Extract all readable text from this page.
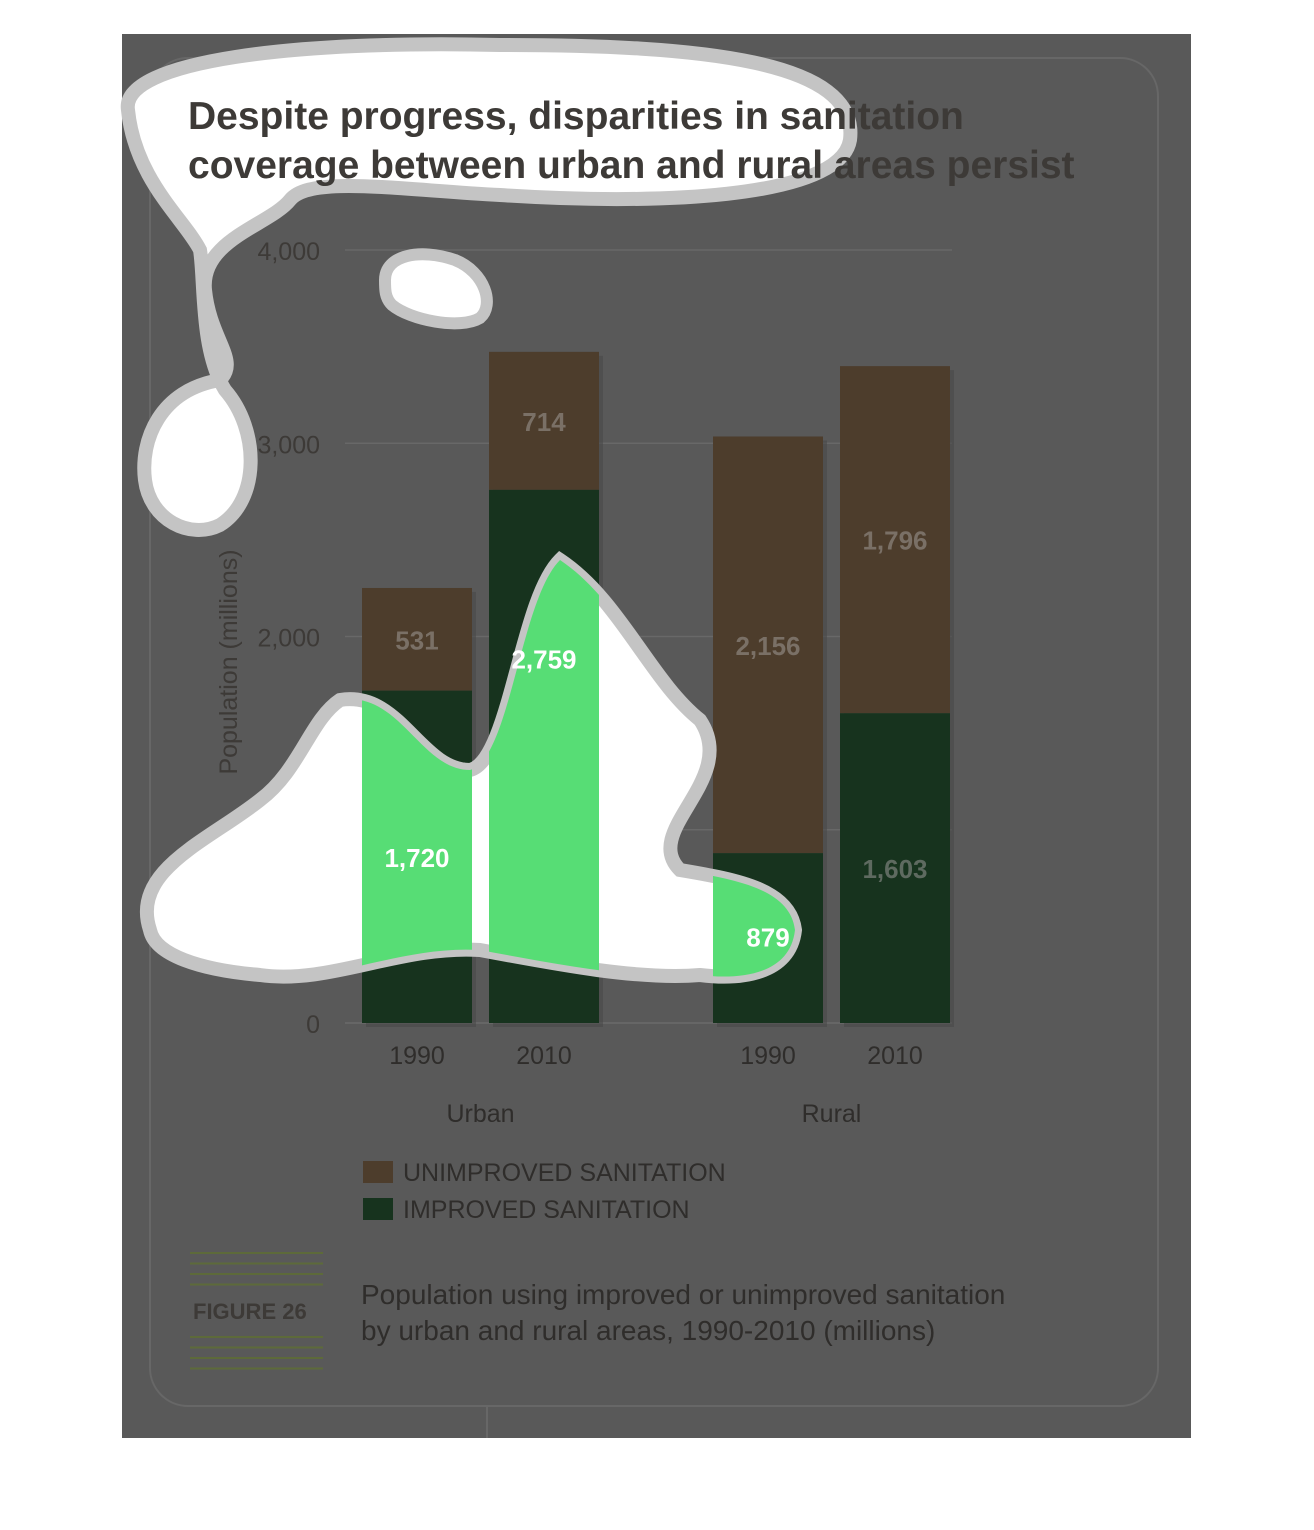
0
2,000
3,000
4,000
Population (millions)
1990	2010	1990	2010
Urban	Rural
531
1,720
714
2,759	2,156
879
1,796
1,603
UNIMPROVED SANITATION
IMPROVED SANITATION
FIGURE 26
Population using improved or unimproved sanitation
by urban and rural areas, 1990-2010 (millions)
Despite progress, disparities in sanitation
coverage between urban and rural areas persist
